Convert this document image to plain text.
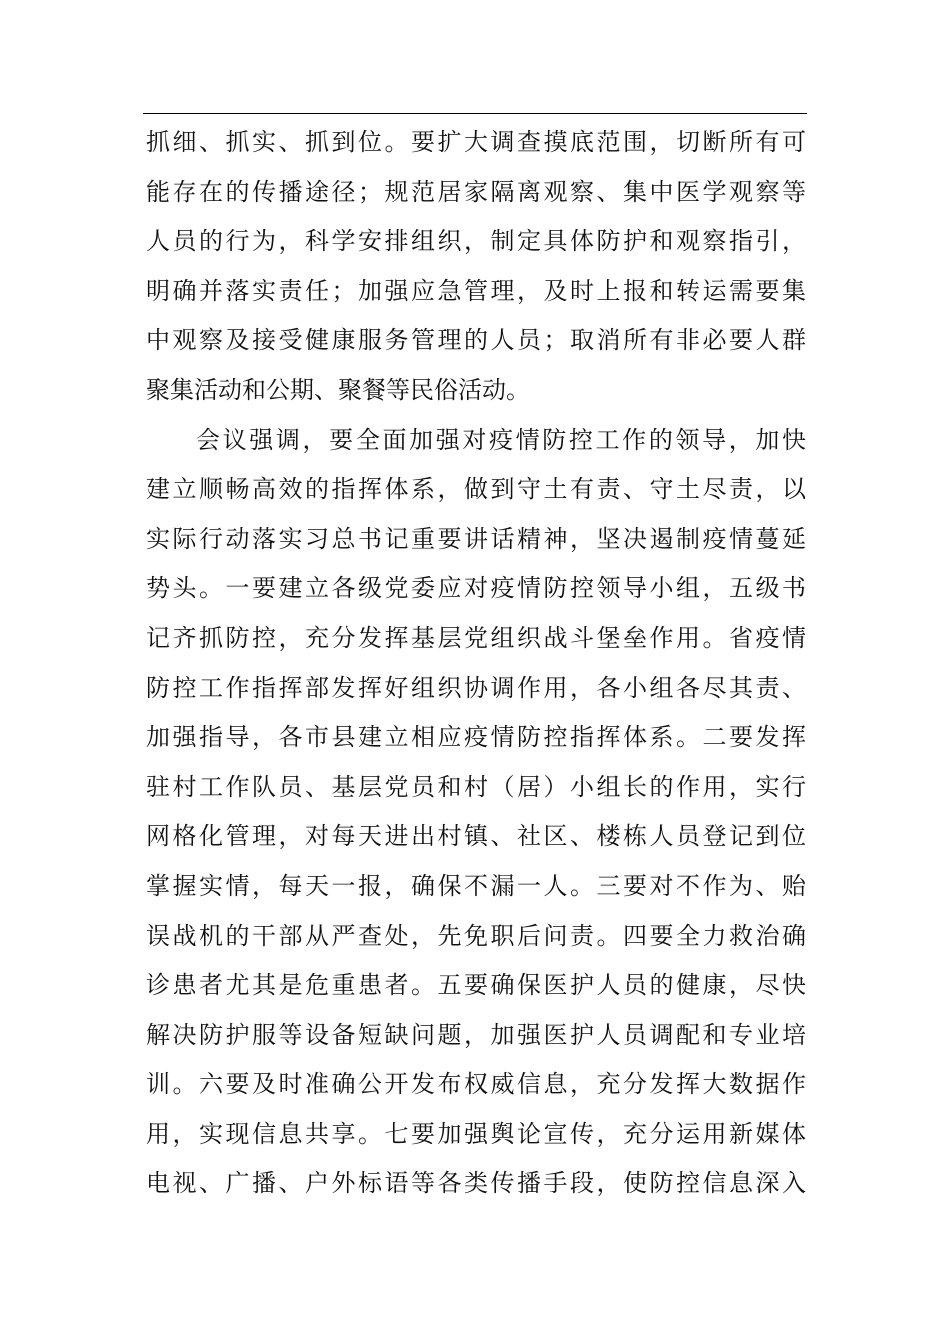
抓细、抓实、抓到位。要扩大调查摸底范围，切断所有可
能存在的传播途径；规范居家隔离观察、集中医学观察等
人员的行为，科学安排组织，制定具体防护和观察指引，
明确并落实责任；加强应急管理，及时上报和转运需要集
中观察及接受健康服务管理的人员；取消所有非必要人群
聚集活动和公期、聚餐等民俗活动。
会议强调，要全面加强对疫情防控工作的领导，加快
建立顺畅高效的指挥体系，做到守土有责、守土尽责，以
实际行动落实习总书记重要讲话精神，坚决遏制疫情蔓延
势头。一要建立各级党委应对疫情防控领导小组，五级书
记齐抓防控，充分发挥基层党组织战斗堡垒作用。省疫情
防控工作指挥部发挥好组织协调作用，各小组各尽其责、
加强指导，各市县建立相应疫情防控指挥体系。二要发挥
驻村工作队员、基层党员和村（居）小组长的作用，实行
网格化管理，对每天进出村镇、社区、楼栋人员登记到位
掌握实情，每天一报，确保不漏一人。三要对不作为、贻
误战机的干部从严查处，先免职后问责。四要全力救治确
诊患者尤其是危重患者。五要确保医护人员的健康，尽快
解决防护服等设备短缺问题，加强医护人员调配和专业培
训。六要及时准确公开发布权威信息，充分发挥大数据作
用，实现信息共享。七要加强舆论宣传，充分运用新媒体
电视、广播、户外标语等各类传播手段，使防控信息深入
